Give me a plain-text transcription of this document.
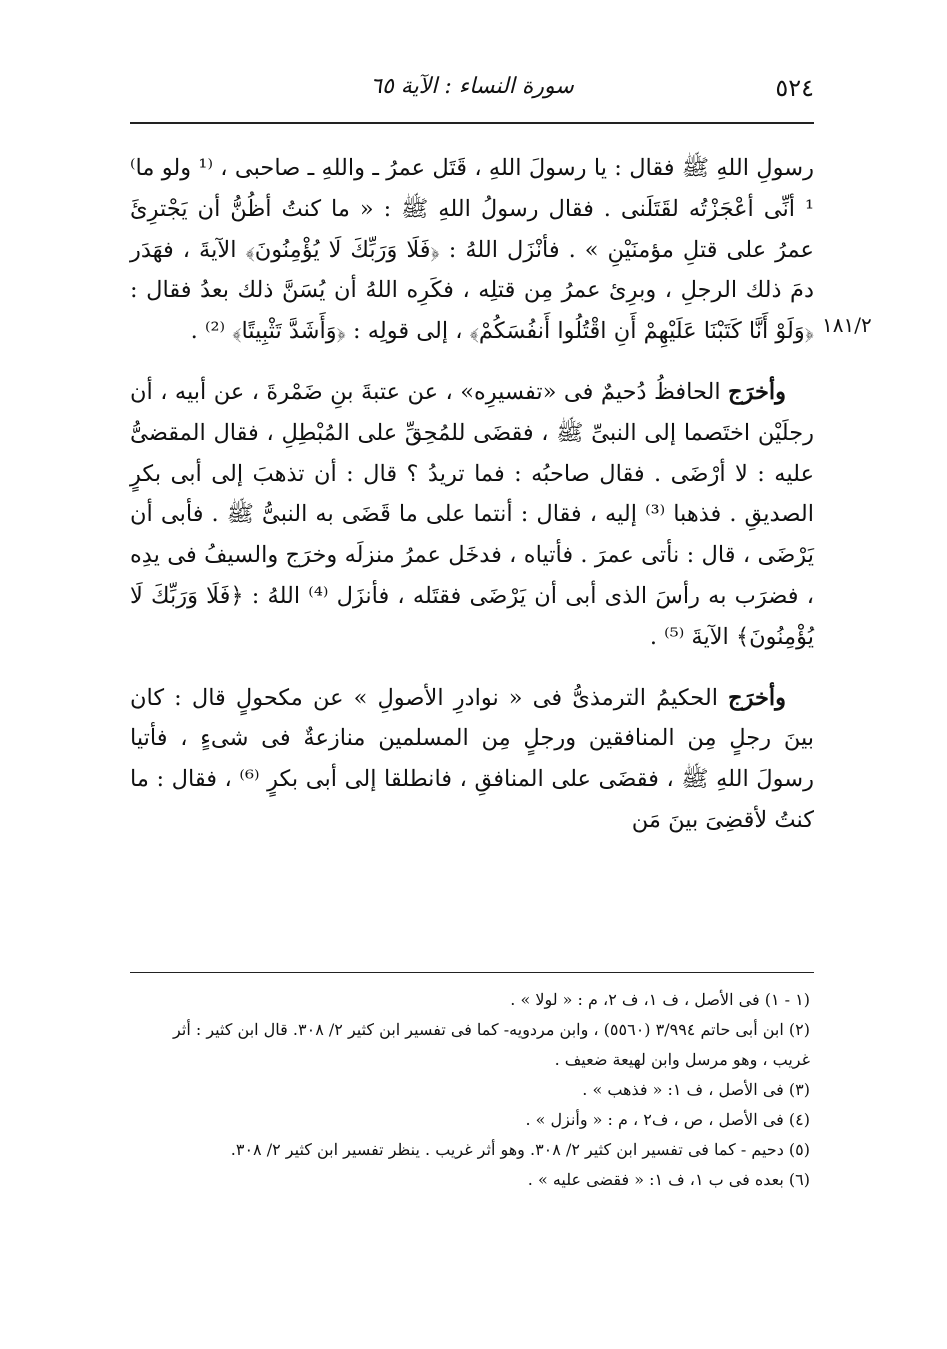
٥٢٤
سورة النساء : الآية ٦٥
١٨١/٢

رسولِ اللهِ ﷺ فقال : يا رسولَ اللهِ ، قَتَل عمرُ ـ واللهِ ـ صاحبى ، ⁽¹ ولو ما⁾¹ أنِّى أعْجَزْتُه لقَتَلَنى . فقال رسولُ اللهِ ﷺ : « ما كنتُ أظُنُّ أن يَجْترِئَ عمرُ على قتلِ مؤمنَيْنِ » . فأنْزَل اللهُ : ﴿فَلَا وَرَبِّكَ لَا يُؤْمِنُونَ﴾ الآيةَ ، فهَدَر دمَ ذلك الرجلِ ، وبرِئ عمرُ مِن قتلِه ، فكَرِه اللهُ أن يُسَنَّ ذلك بعدُ فقال : ﴿وَلَوْ أَنَّا كَتَبْنَا عَلَيْهِمْ أَنِ اقْتُلُوا أَنفُسَكُمْ﴾ ، إلى قولِه : ﴿وَأَشَدَّ تَثْبِيتًا﴾ ⁽²⁾ .

وأخرَج الحافظُ دُحيمٌ فى «تفسيرِه» ، عن عتبةَ بنِ ضَمْرةَ ، عن أبيه ، أن رجلَيْن اختَصما إلى النبىِّ ﷺ ، فقضَى للمُحِقِّ على المُبْطِلِ ، فقال المقضىُّ عليه : لا أرْضَى . فقال صاحبُه : فما تريدُ ؟ قال : أن تذهبَ إلى أبى بكرٍ الصديقِ . فذهبا ⁽³⁾ إليه ، فقال : أنتما على ما قَضَى به النبىُّ ﷺ . فأبى أن يَرْضَى ، قال : نأتى عمرَ . فأتياه ، فدخَل عمرُ منزلَه وخرَج والسيفُ فى يدِه ، فضرَب به رأسَ الذى أبى أن يَرْضَى فقتَله ، فأنزَل ⁽⁴⁾ اللهُ : ﴿فَلَا وَرَبِّكَ لَا يُؤْمِنُونَ﴾ الآيةَ ⁽⁵⁾ .

وأخرَج الحكيمُ الترمذىُّ فى « نوادرِ الأصولِ » عن مكحولٍ قال : كان بينَ رجلٍ مِن المنافقين ورجلٍ مِن المسلمين منازعةٌ فى شىءٍ ، فأتيا رسولَ اللهِ ﷺ ، فقضَى على المنافقِ ، فانطلقا إلى أبى بكرٍ ⁽⁶⁾ ، فقال : ما كنتُ لأقضِىَ بينَ مَن

(١ - ١) فى الأصل ، ف ١، ف ٢، م : « لولا » .

(٢) ابن أبى حاتم ٣/٩٩٤ (٥٥٦٠) ، وابن مردويه- كما فى تفسير ابن كثير ٢/ ٣٠٨. قال ابن كثير : أثر غريب ، وهو مرسل وابن لهيعة ضعيف .

(٣) فى الأصل ، ف ١: « فذهب » .

(٤) فى الأصل ، ص ، ف٢ ، م : « وأنزل » .

(٥) دحيم - كما فى تفسير ابن كثير ٢/ ٣٠٨. وهو أثر غريب . ينظر تفسير ابن كثير ٢/ ٣٠٨.

(٦) بعده فى ب ١، ف ١: « فقضى عليه » .
